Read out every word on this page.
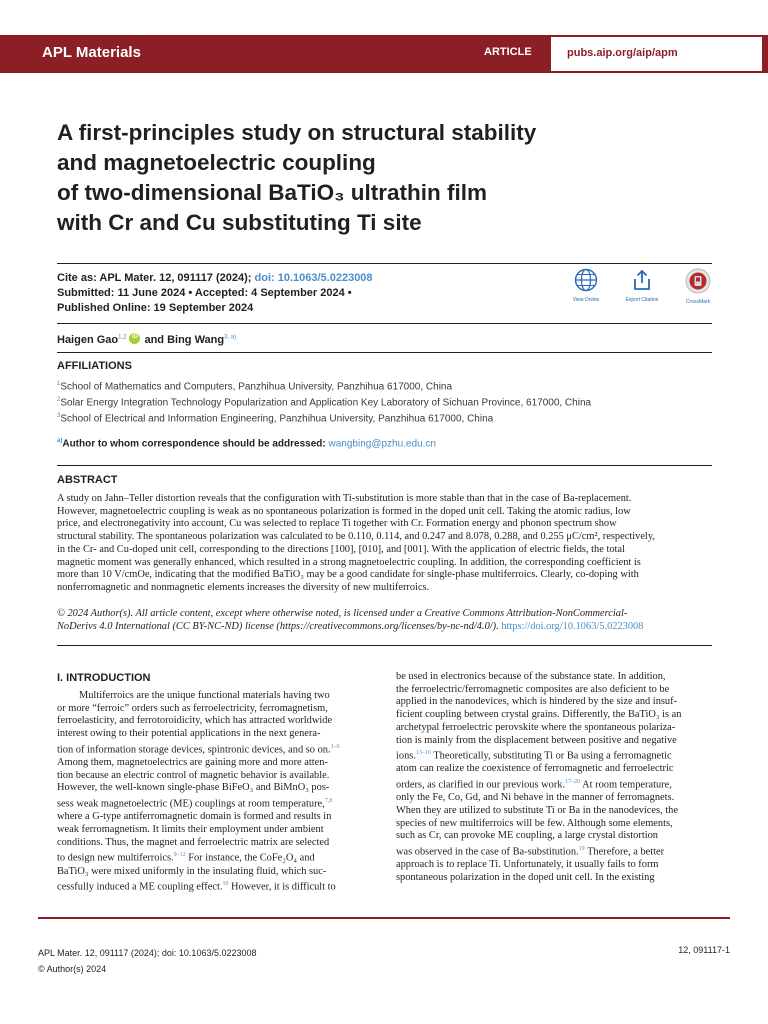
APL Materials	ARTICLE	pubs.aip.org/aip/apm
A first-principles study on structural stability
and magnetoelectric coupling
of two-dimensional BaTiO₃ ultrathin film
with Cr and Cu substituting Ti site
Cite as: APL Mater. 12, 091117 (2024); doi: 10.1063/5.0223008
Submitted: 11 June 2024 • Accepted: 4 September 2024 •
Published Online: 19 September 2024
View Online	Export Citation	CrossMark
Haigen Gao$^{1,2}$ iD and Bing Wang$^{3, a)}$
AFFILIATIONS
$^1$School of Mathematics and Computers, Panzhihua University, Panzhihua 617000, China
$^2$Solar Energy Integration Technology Popularization and Application Key Laboratory of Sichuan Province, 617000, China
$^3$School of Electrical and Information Engineering, Panzhihua University, Panzhihua 617000, China
$^{a)}$Author to whom correspondence should be addressed: wangbing@pzhu.edu.cn
ABSTRACT
A study on Jahn–Teller distortion reveals that the configuration with Ti-substitution is more stable than that in the case of Ba-replacement.
However, magnetoelectric coupling is weak as no spontaneous polarization is formed in the doped unit cell. Taking the atomic radius, low
price, and electronegativity into account, Cu was selected to replace Ti together with Cr. Formation energy and phonon spectrum show
structural stability. The spontaneous polarization was calculated to be 0.110, 0.114, and 0.247 and 8.078, 0.288, and 0.255 μC/cm², respectively,
in the Cr- and Cu-doped unit cell, corresponding to the directions [100], [010], and [001]. With the application of electric fields, the total
magnetic moment was generally enhanced, which resulted in a strong magnetoelectric coupling. In addition, the corresponding coefficient is
more than 10 V/cmOe, indicating that the modified BaTiO₃ may be a good candidate for single-phase multiferroics. Clearly, co-doping with
nonferromagnetic and nonmagnetic elements increases the diversity of new multiferroics.
© 2024 Author(s). All article content, except where otherwise noted, is licensed under a Creative Commons Attribution-NonCommercial-
NoDerivs 4.0 International (CC BY-NC-ND) license (https://creativecommons.org/licenses/by-nc-nd/4.0/). https://doi.org/10.1063/5.0223008
I. INTRODUCTION
Multiferroics are the unique functional materials having two
or more “ferroic” orders such as ferroelectricity, ferromagnetism,
ferroelasticity, and ferrotoroidicity, which has attracted worldwide
interest owing to their potential applications in the next genera-
tion of information storage devices, spintronic devices, and so on.$^{1-6}$
Among them, magnetoelectrics are gaining more and more atten-
tion because an electric control of magnetic behavior is available.
However, the well-known single-phase BiFeO₃ and BiMnO₃ pos-
sess weak magnetoelectric (ME) couplings at room temperature,$^{7,8}$
where a G-type antiferromagnetic domain is formed and results in
weak ferromagnetism. It limits their employment under ambient
conditions. Thus, the magnet and ferroelectric matrix are selected
to design new multiferroics.$^{9-12}$ For instance, the CoFe₂O₄ and
BaTiO₃ were mixed uniformly in the insulating fluid, which suc-
cessfully induced a ME coupling effect.$^{10}$ However, it is difficult to
be used in electronics because of the substance state. In addition,
the ferroelectric/ferromagnetic composites are also deficient to be
applied in the nanodevices, which is hindered by the size and insuf-
ficient coupling between crystal grains. Differently, the BaTiO₃ is an
archetypal ferroelectric perovskite where the spontaneous polariza-
tion is mainly from the displacement between positive and negative
ions.$^{13-16}$ Theoretically, substituting Ti or Ba using a ferromagnetic
atom can realize the coexistence of ferromagnetic and ferroelectric
orders, as clarified in our previous work.$^{17-20}$ At room temperature,
only the Fe, Co, Gd, and Ni behave in the manner of ferromagnets.
When they are utilized to substitute Ti or Ba in the nanodevices, the
species of new multiferroics will be few. Although some elements,
such as Cr, can provoke ME coupling, a large crystal distortion
was observed in the case of Ba-substitution.$^{19}$ Therefore, a better
approach is to replace Ti. Unfortunately, it usually fails to form
spontaneous polarization in the doped unit cell. In the existing
APL Mater. 12, 091117 (2024); doi: 10.1063/5.0223008
© Author(s) 2024
12, 091117-1
